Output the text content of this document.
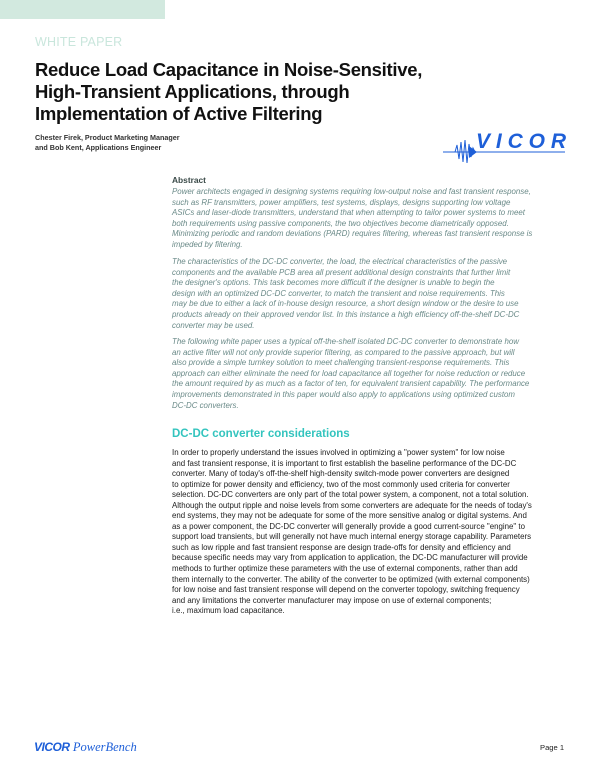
WHITE PAPER
Reduce Load Capacitance in Noise-Sensitive,
High-Transient Applications, through
Implementation of Active Filtering
Chester Firek, Product Marketing Manager
and Bob Kent, Applications Engineer	VICOR
Abstract
Power architects engaged in designing systems requiring low-output noise and fast transient response,
such as RF transmitters, power amplifiers, test systems, displays, designs supporting low voltage
ASICs and laser-diode transmitters, understand that when attempting to tailor power systems to meet
both requirements using passive components, the two objectives become diametrically opposed.
Minimizing periodic and random deviations (PARD) requires filtering, whereas fast transient response is
impeded by filtering.
The characteristics of the DC-DC converter, the load, the electrical characteristics of the passive
components and the available PCB area all present additional design constraints that further limit
the designer's options. This task becomes more difficult if the designer is unable to begin the
design with an optimized DC-DC converter, to match the transient and noise requirements. This
may be due to either a lack of in-house design resource, a short design window or the desire to use
products already on their approved vendor list. In this instance a high efficiency off-the-shelf DC-DC
converter may be used.
The following white paper uses a typical off-the-shelf isolated DC-DC converter to demonstrate how
an active filter will not only provide superior filtering, as compared to the passive approach, but will
also provide a simple turnkey solution to meet challenging transient-response requirements. This
approach can either eliminate the need for load capacitance all together for noise reduction or reduce
the amount required by as much as a factor of ten, for equivalent transient capability. The performance
improvements demonstrated in this paper would also apply to applications using optimized custom
DC-DC converters.
DC-DC converter considerations
In order to properly understand the issues involved in optimizing a "power system" for low noise
and fast transient response, it is important to first establish the baseline performance of the DC-DC
converter. Many of today's off-the-shelf high-density switch-mode power converters are designed
to optimize for power density and efficiency, two of the most commonly used criteria for converter
selection. DC-DC converters are only part of the total power system, a component, not a total solution.
Although the output ripple and noise levels from some converters are adequate for the needs of today's
end systems, they may not be adequate for some of the more sensitive analog or digital systems. And
as a power component, the DC-DC converter will generally provide a good current-source "engine" to
support load transients, but will generally not have much internal energy storage capability. Parameters
such as low ripple and fast transient response are design trade-offs for density and efficiency and
because specific needs may vary from application to application, the DC-DC manufacturer will provide
methods to further optimize these parameters with the use of external components, rather than add
them internally to the converter. The ability of the converter to be optimized (with external components)
for low noise and fast transient response will depend on the converter topology, switching frequency
and any limitations the converter manufacturer may impose on use of external components;
i.e., maximum load capacitance.
VICOR PowerBench	Page 1
